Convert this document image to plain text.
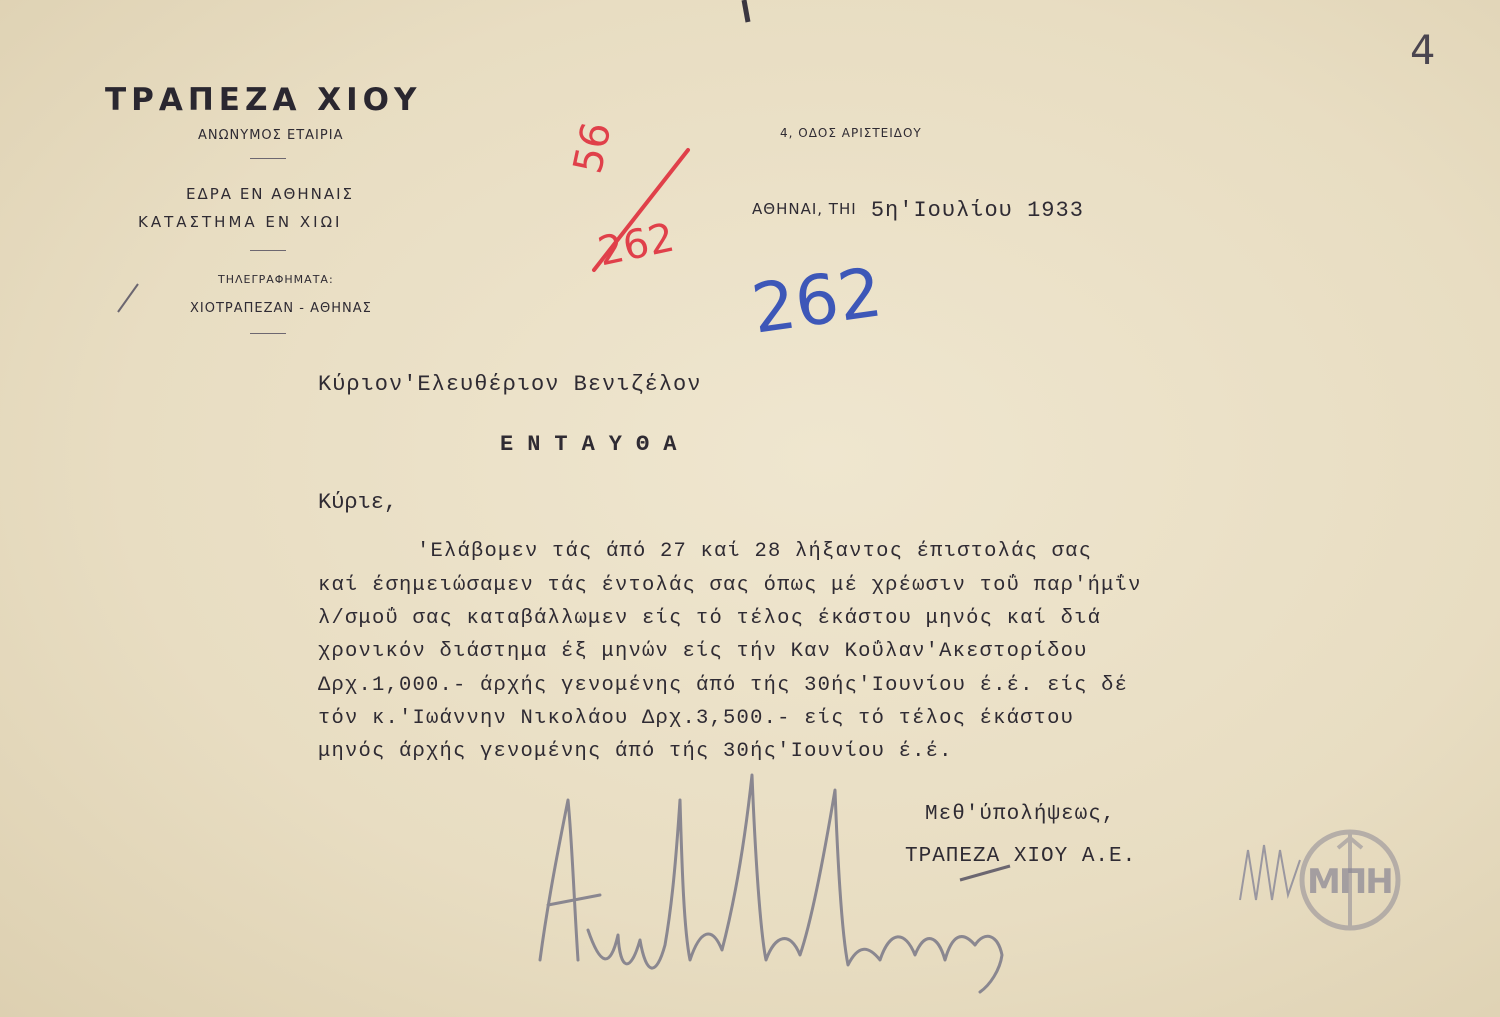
4
ΤΡΑΠΕΖΑ ΧΙΟΥ
ΑΝΩΝΥΜΟΣ ΕΤΑΙΡΙΑ
ΕΔΡΑ ΕΝ ΑΘΗΝΑΙΣ
ΚΑΤΑΣΤΗΜΑ ΕΝ ΧΙΩΙ
ΤΗΛΕΓΡΑΦΗΜΑΤΑ:
ΧΙΟΤΡΑΠΕΖΑΝ - ΑΘΗΝΑΣ
4, ΟΔΟΣ ΑΡΙΣΤΕΙΔΟΥ
ΑΘΗΝΑΙ, ΤΗΙ 5η'Ιουλίου 1933
56
262
262
Κύριον'Ελευθέριον Βενιζέλον
ΕΝΤΑΥΘΑ
Κύριε,
'Ελάβομεν τάς άπό 27 καί 28 λήξαντος έπιστολάς σας
καί έσημειώσαμεν τάς έντολάς σας όπως μέ χρέωσιν τοΰ παρ'ήμΐν
λ/σμοΰ σας καταβάλλωμεν είς τό τέλος έκάστου μηνός καί διά
χρονικόν διάστημα έξ μηνών είς τήν Καν Κοΰλαν'Ακεστορίδου
Δρχ.1,000.- άρχής γενομένης άπό τής 30ής'Ιουνίου έ.έ. είς δέ
τόν κ.'Ιωάννην Νικολάου Δρχ.3,500.- είς τό τέλος έκάστου
μηνός άρχής γενομένης άπό τής 30ής'Ιουνίου έ.έ.
Μεθ'ύπολήψεως,
ΤΡΑΠΕΖΑ ΧΙΟΥ Α.Ε.
ΜΠΗ
